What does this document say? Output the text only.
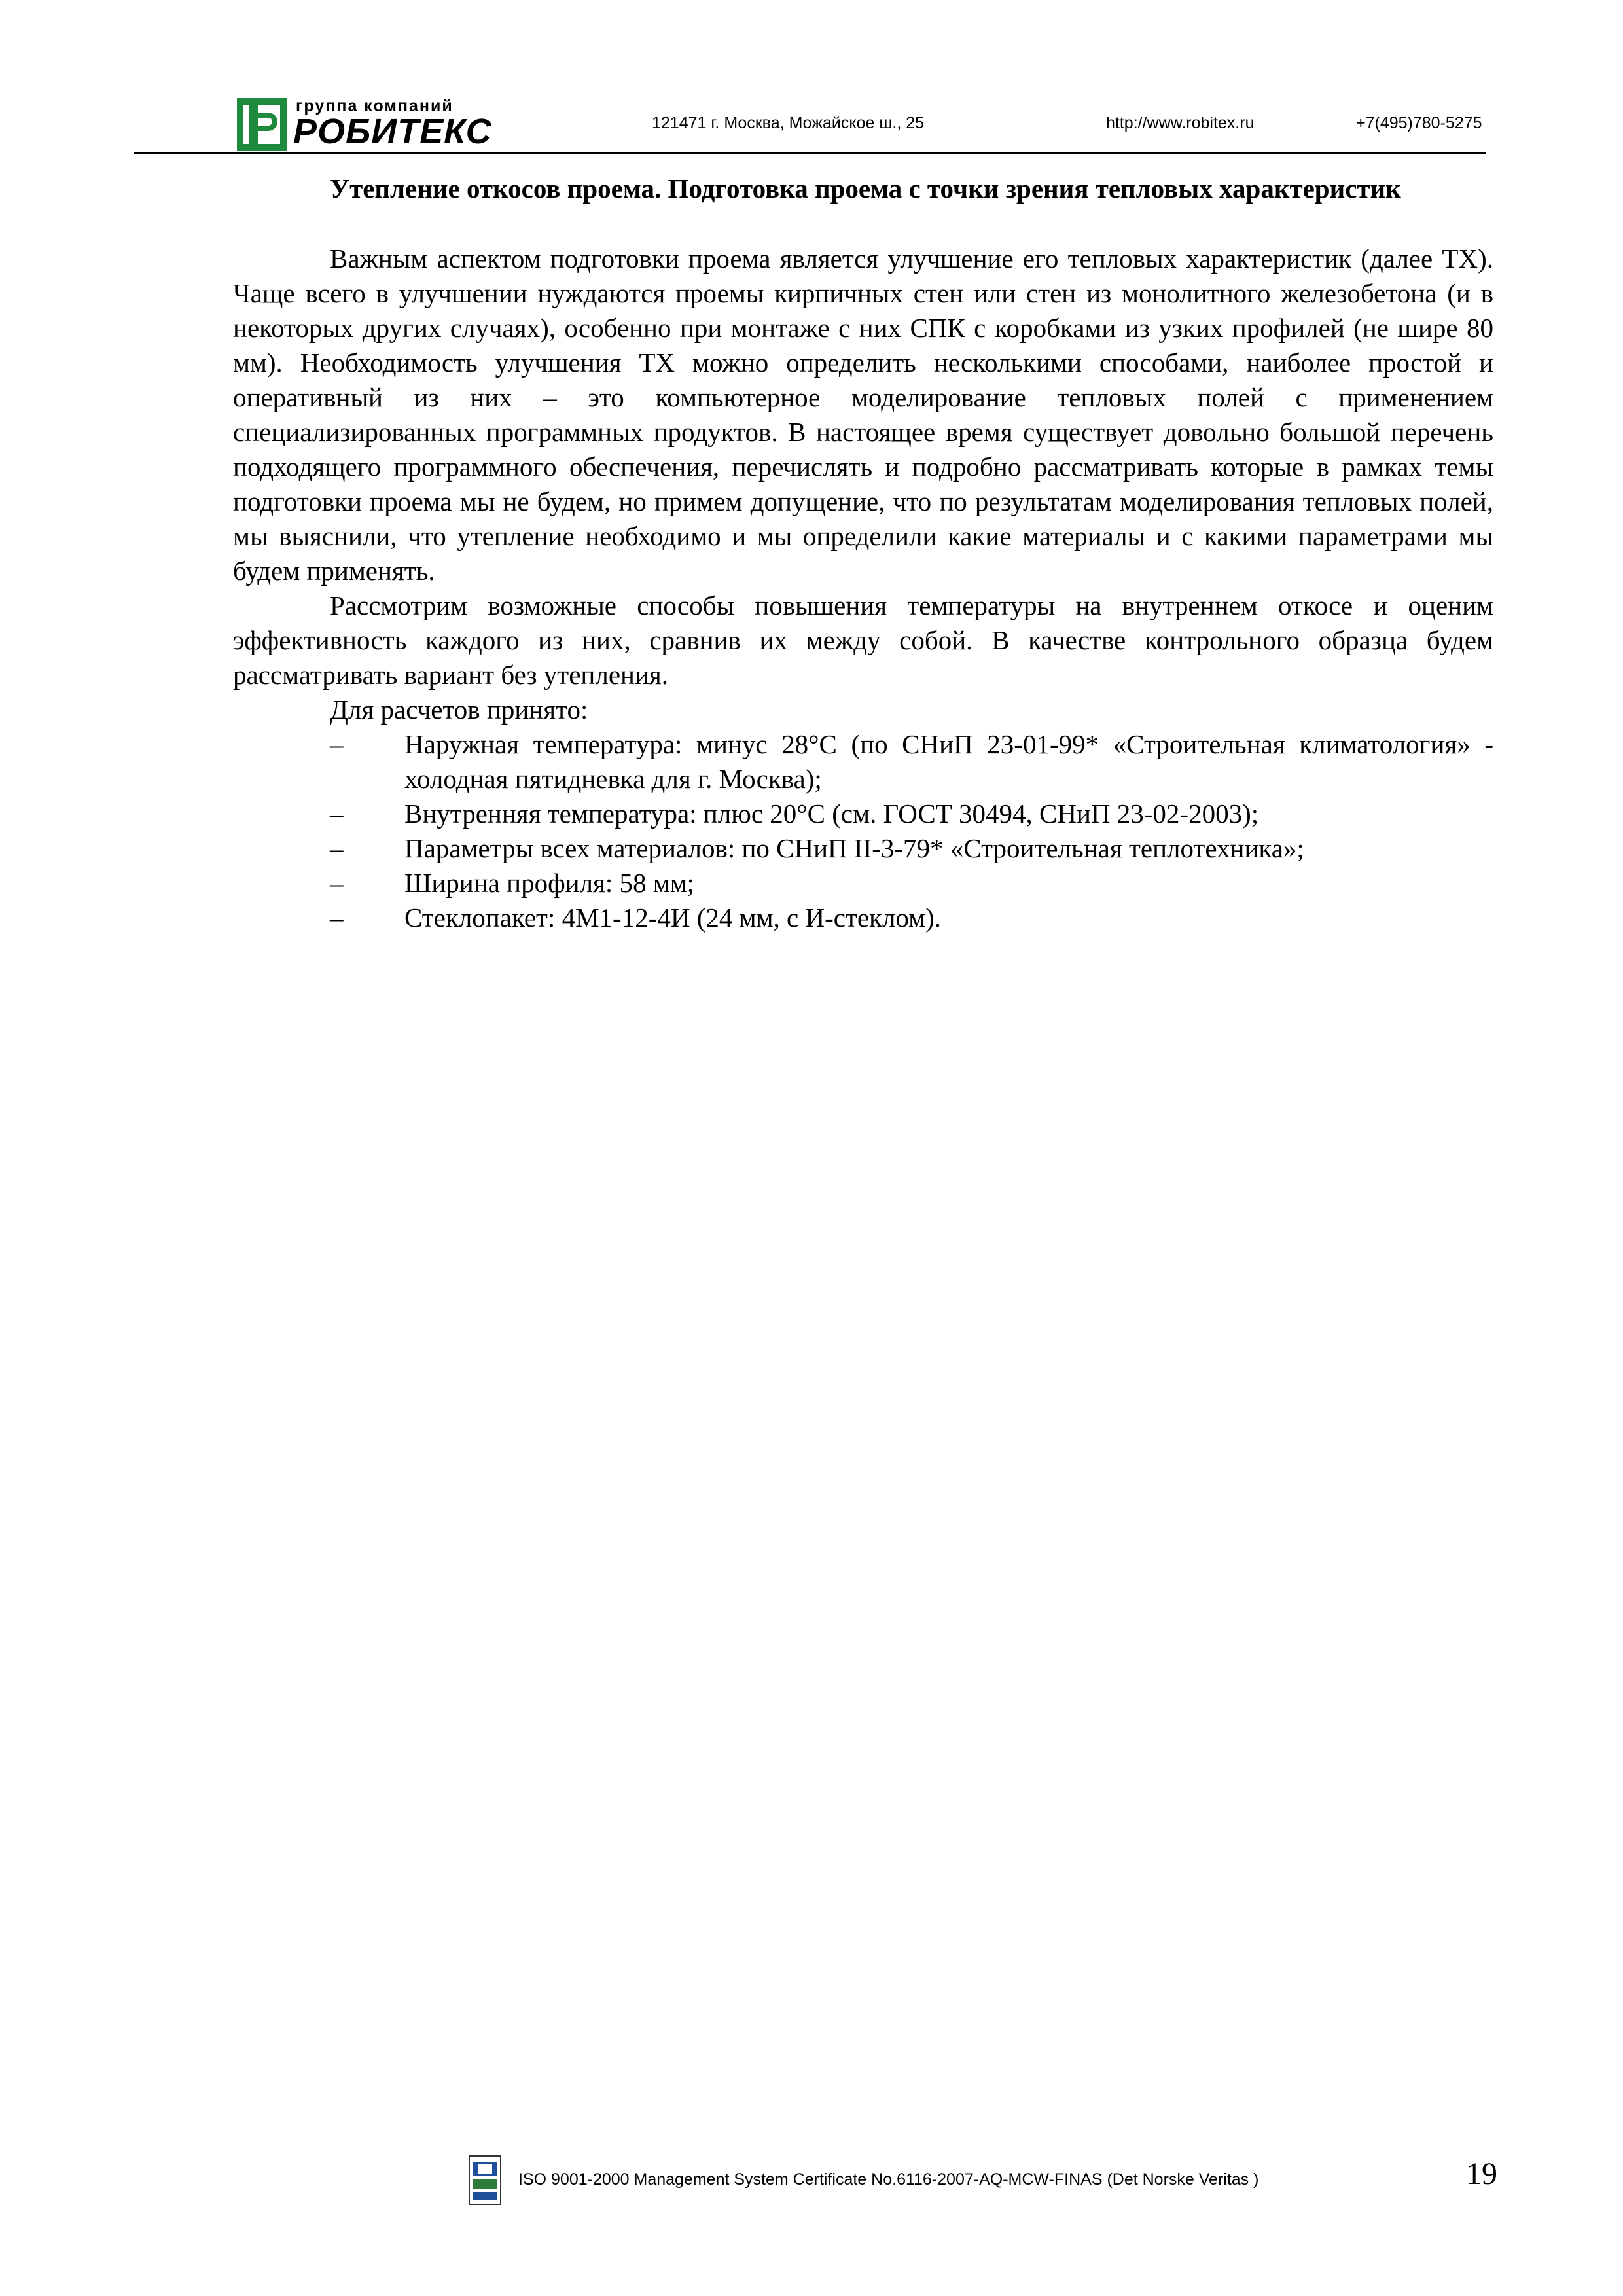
группа компаний
РОБИТЕКС	121471 г. Москва, Можайское ш., 25	http://www.robitex.ru	+7(495)780-5275

Утепление откосов проема. Подготовка проема с точки зрения тепловых характеристик

Важным аспектом подготовки проема является улучшение его тепловых характеристик (далее ТХ). Чаще всего в улучшении нуждаются проемы кирпичных стен или стен из монолитного железобетона (и в некоторых других случаях), особенно при монтаже с них СПК с коробками из узких профилей (не шире 80 мм). Необходимость улучшения ТХ можно определить несколькими способами, наиболее простой и оперативный из них – это компьютерное моделирование тепловых полей с применением специализированных программных продуктов. В настоящее время существует довольно большой перечень подходящего программного обеспечения, перечислять и подробно рассматривать которые в рамках темы подготовки проема мы не будем, но примем допущение, что по результатам моделирования тепловых полей, мы выяснили, что утепление необходимо и мы определили какие материалы и с какими параметрами мы будем применять.

Рассмотрим возможные способы повышения температуры на внутреннем откосе и оценим эффективность каждого из них, сравнив их между собой. В качестве контрольного образца будем рассматривать вариант без утепления.

Для расчетов принято:

– Наружная температура: минус 28°С (по СНиП 23-01-99* «Строительная климатология» - холодная пятидневка для г. Москва);
– Внутренняя температура: плюс 20°С (см. ГОСТ 30494, СНиП 23-02-2003);
– Параметры всех материалов: по СНиП II-3-79* «Строительная теплотехника»;
– Ширина профиля: 58 мм;
– Стеклопакет: 4М1-12-4И (24 мм, с И-стеклом).
ISO 9001-2000 Management System Certificate No.6116-2007-AQ-MCW-FINAS (Det Norske Veritas )	19
